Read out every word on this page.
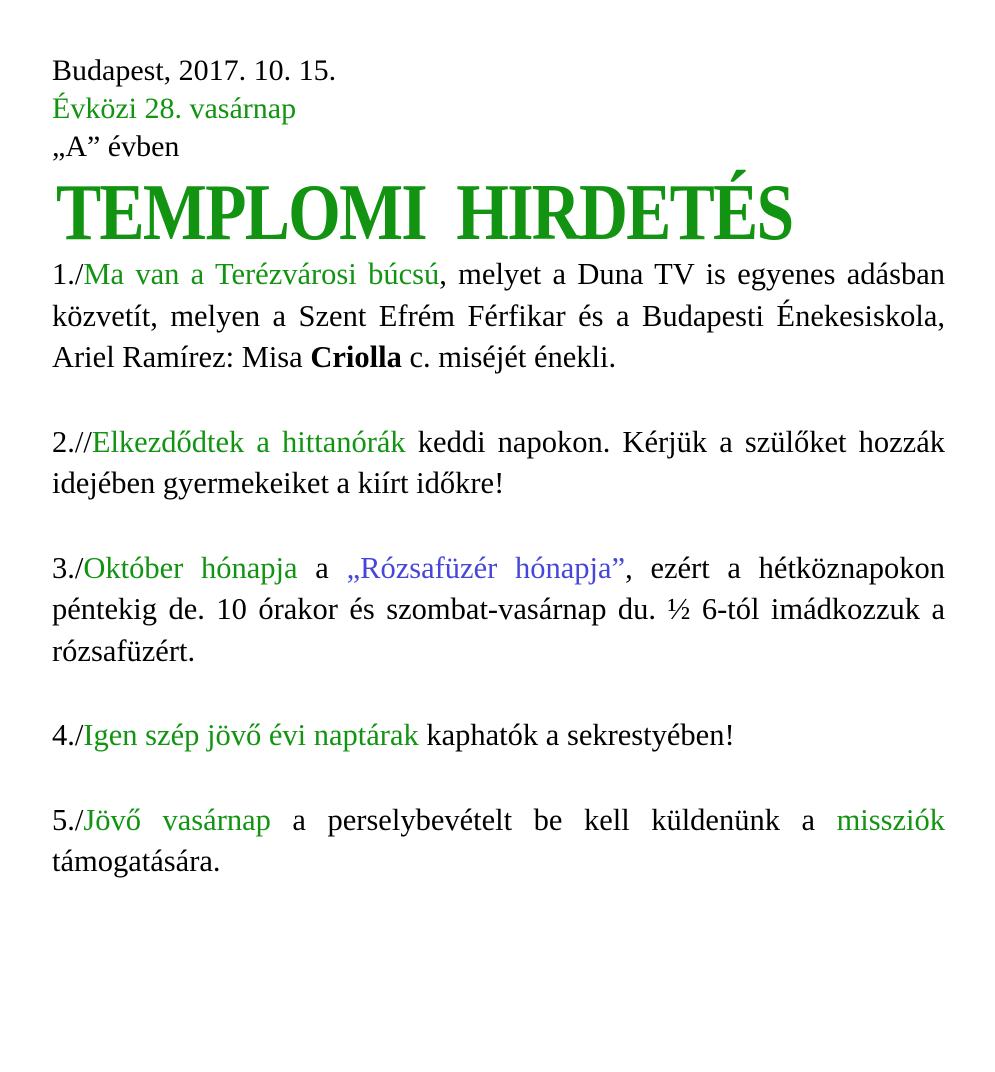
Budapest, 2017. 10. 15.
Évközi 28. vasárnap
„A” évben
TEMPLOMI  HIRDETÉS

1./Ma van a Terézvárosi búcsú, melyet a Duna TV is egyenes adásban közvetít, melyen a Szent Efrém Férfikar és a Budapesti Énekesiskola, Ariel Ramírez: Misa Criolla c. miséjét énekli.

2.//Elkezdődtek a hittanórák keddi napokon. Kérjük a szülőket hozzák idejében gyermekeiket a kiírt időkre!

3./Október hónapja a „Rózsafüzér hónapja”, ezért a hétköznapokon péntekig de. 10 órakor és szombat-vasárnap du. ½ 6-tól imádkozzuk a rózsafüzért.

4./Igen szép jövő évi naptárak kaphatók a sekrestyében!

5./Jövő vasárnap a perselybevételt be kell küldenünk a missziók támogatására.
